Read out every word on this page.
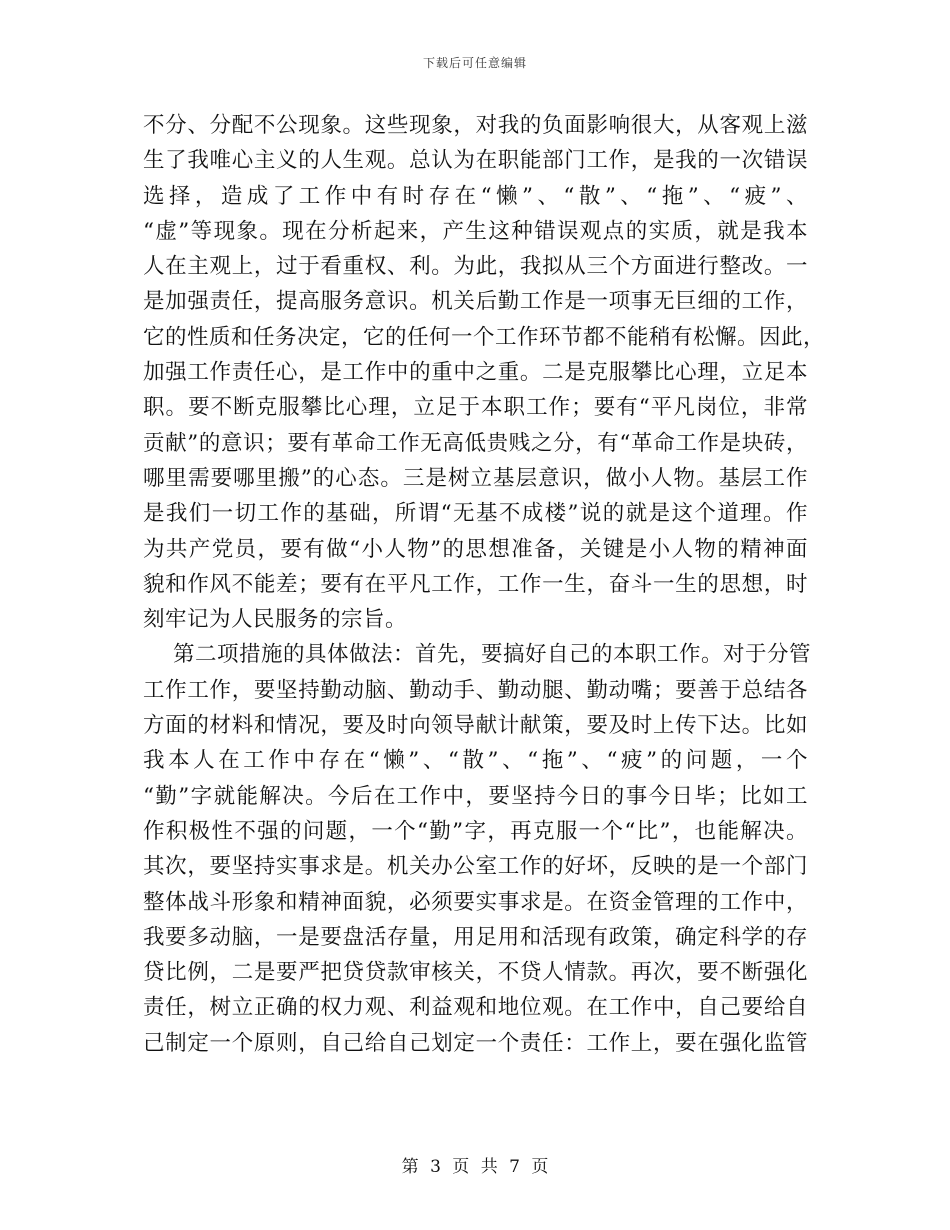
下载后可任意编辑
不分、分配不公现象。这些现象，对我的负面影响很大，从客观上滋
生了我唯心主义的人生观。总认为在职能部门工作，是我的一次错误
选择，造成了工作中有时存在“懒”、“散”、“拖”、“疲”、
“虚”等现象。现在分析起来，产生这种错误观点的实质，就是我本
人在主观上，过于看重权、利。为此，我拟从三个方面进行整改。一
是加强责任，提高服务意识。机关后勤工作是一项事无巨细的工作，
它的性质和任务决定，它的任何一个工作环节都不能稍有松懈。因此，
加强工作责任心，是工作中的重中之重。二是克服攀比心理，立足本
职。要不断克服攀比心理，立足于本职工作；要有“平凡岗位，非常
贡献”的意识；要有革命工作无高低贵贱之分，有“革命工作是块砖，
哪里需要哪里搬”的心态。三是树立基层意识，做小人物。基层工作
是我们一切工作的基础，所谓“无基不成楼”说的就是这个道理。作
为共产党员，要有做“小人物”的思想准备，关键是小人物的精神面
貌和作风不能差；要有在平凡工作，工作一生，奋斗一生的思想，时
刻牢记为人民服务的宗旨。
第二项措施的具体做法：首先，要搞好自己的本职工作。对于分管
工作工作，要坚持勤动脑、勤动手、勤动腿、勤动嘴；要善于总结各
方面的材料和情况，要及时向领导献计献策，要及时上传下达。比如
我本人在工作中存在“懒”、“散”、“拖”、“疲”的问题，一个
“勤”字就能解决。今后在工作中，要坚持今日的事今日毕；比如工
作积极性不强的问题，一个“勤”字，再克服一个“比”，也能解决。
其次，要坚持实事求是。机关办公室工作的好坏，反映的是一个部门
整体战斗形象和精神面貌，必须要实事求是。在资金管理的工作中，
我要多动脑，一是要盘活存量，用足用和活现有政策，确定科学的存
贷比例，二是要严把贷贷款审核关，不贷人情款。再次，要不断强化
责任，树立正确的权力观、利益观和地位观。在工作中，自己要给自
己制定一个原则，自己给自己划定一个责任：工作上，要在强化监管
第 3 页 共 7 页
